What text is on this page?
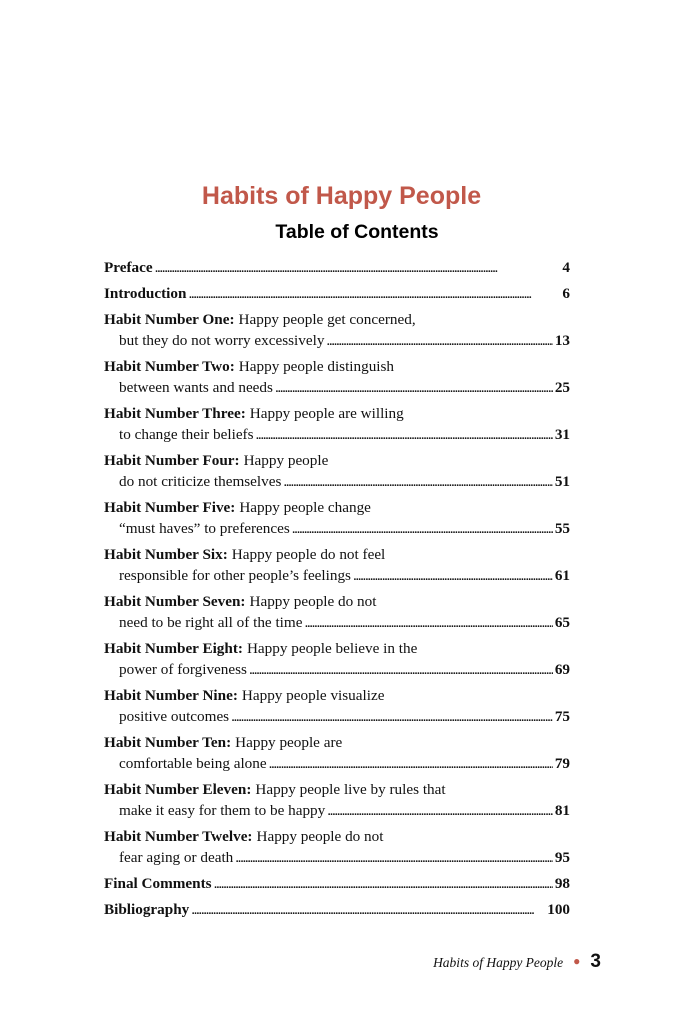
Habits of Happy People
Table of Contents
Preface . . .	4
Introduction . . .	6
Habit Number One: Happy people get concerned,
but they do not worry excessively . . .	13
Habit Number Two: Happy people distinguish
between wants and needs . . .	25
Habit Number Three: Happy people are willing
to change their beliefs . . .	31
Habit Number Four: Happy people
do not criticize themselves . . .	51
Habit Number Five: Happy people change
“must haves” to preferences . . .	55
Habit Number Six: Happy people do not feel
responsible for other people’s feelings . . .	61
Habit Number Seven: Happy people do not
need to be right all of the time . . .	65
Habit Number Eight: Happy people believe in the
power of forgiveness . . .	69
Habit Number Nine: Happy people visualize
positive outcomes . . .	75
Habit Number Ten: Happy people are
comfortable being alone . . .	79
Habit Number Eleven: Happy people live by rules that
make it easy for them to be happy . . .	81
Habit Number Twelve: Happy people do not
fear aging or death . . .	95
Final Comments . . .	98
Bibliography . . .	100
Habits of Happy People ● 3
